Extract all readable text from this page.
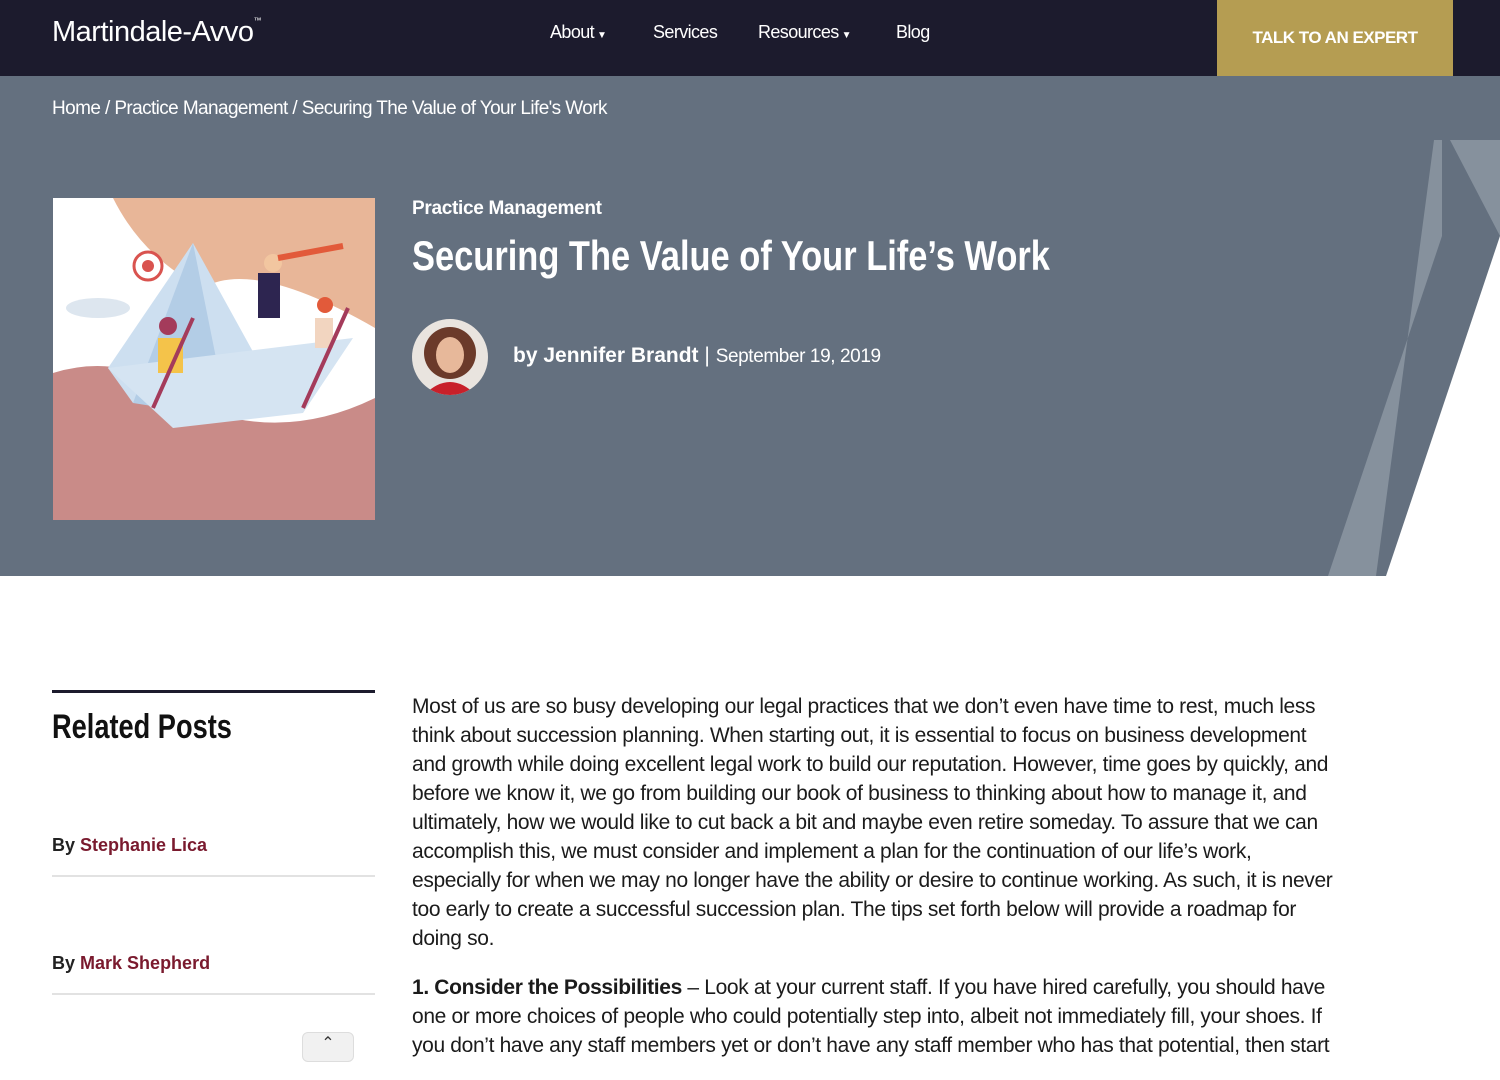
Martindale-Avvo™
About ▼	Services Resources ▼	Blog	TALK TO AN EXPERT
Home / Practice Management / Securing The Value of Your Life's Work
Practice Management
Securing The Value of Your Life’s Work
by Jennifer Brandt | September 19, 2019
Related Posts
By Stephanie Lica
By Mark Shepherd

Most of us are so busy developing our legal practices that we don’t even have time to rest, much less
think about succession planning. When starting out, it is essential to focus on business development
and growth while doing excellent legal work to build our reputation. However, time goes by quickly, and
before we know it, we go from building our book of business to thinking about how to manage it, and
ultimately, how we would like to cut back a bit and maybe even retire someday. To assure that we can
accomplish this, we must consider and implement a plan for the continuation of our life’s work,
especially for when we may no longer have the ability or desire to continue working. As such, it is never
too early to create a successful succession plan. The tips set forth below will provide a roadmap for
doing so.

1. Consider the Possibilities – Look at your current staff. If you have hired carefully, you should have
one or more choices of people who could potentially step into, albeit not immediately fill, your shoes. If
you don’t have any staff members yet or don’t have any staff member who has that potential, then start

⌃
